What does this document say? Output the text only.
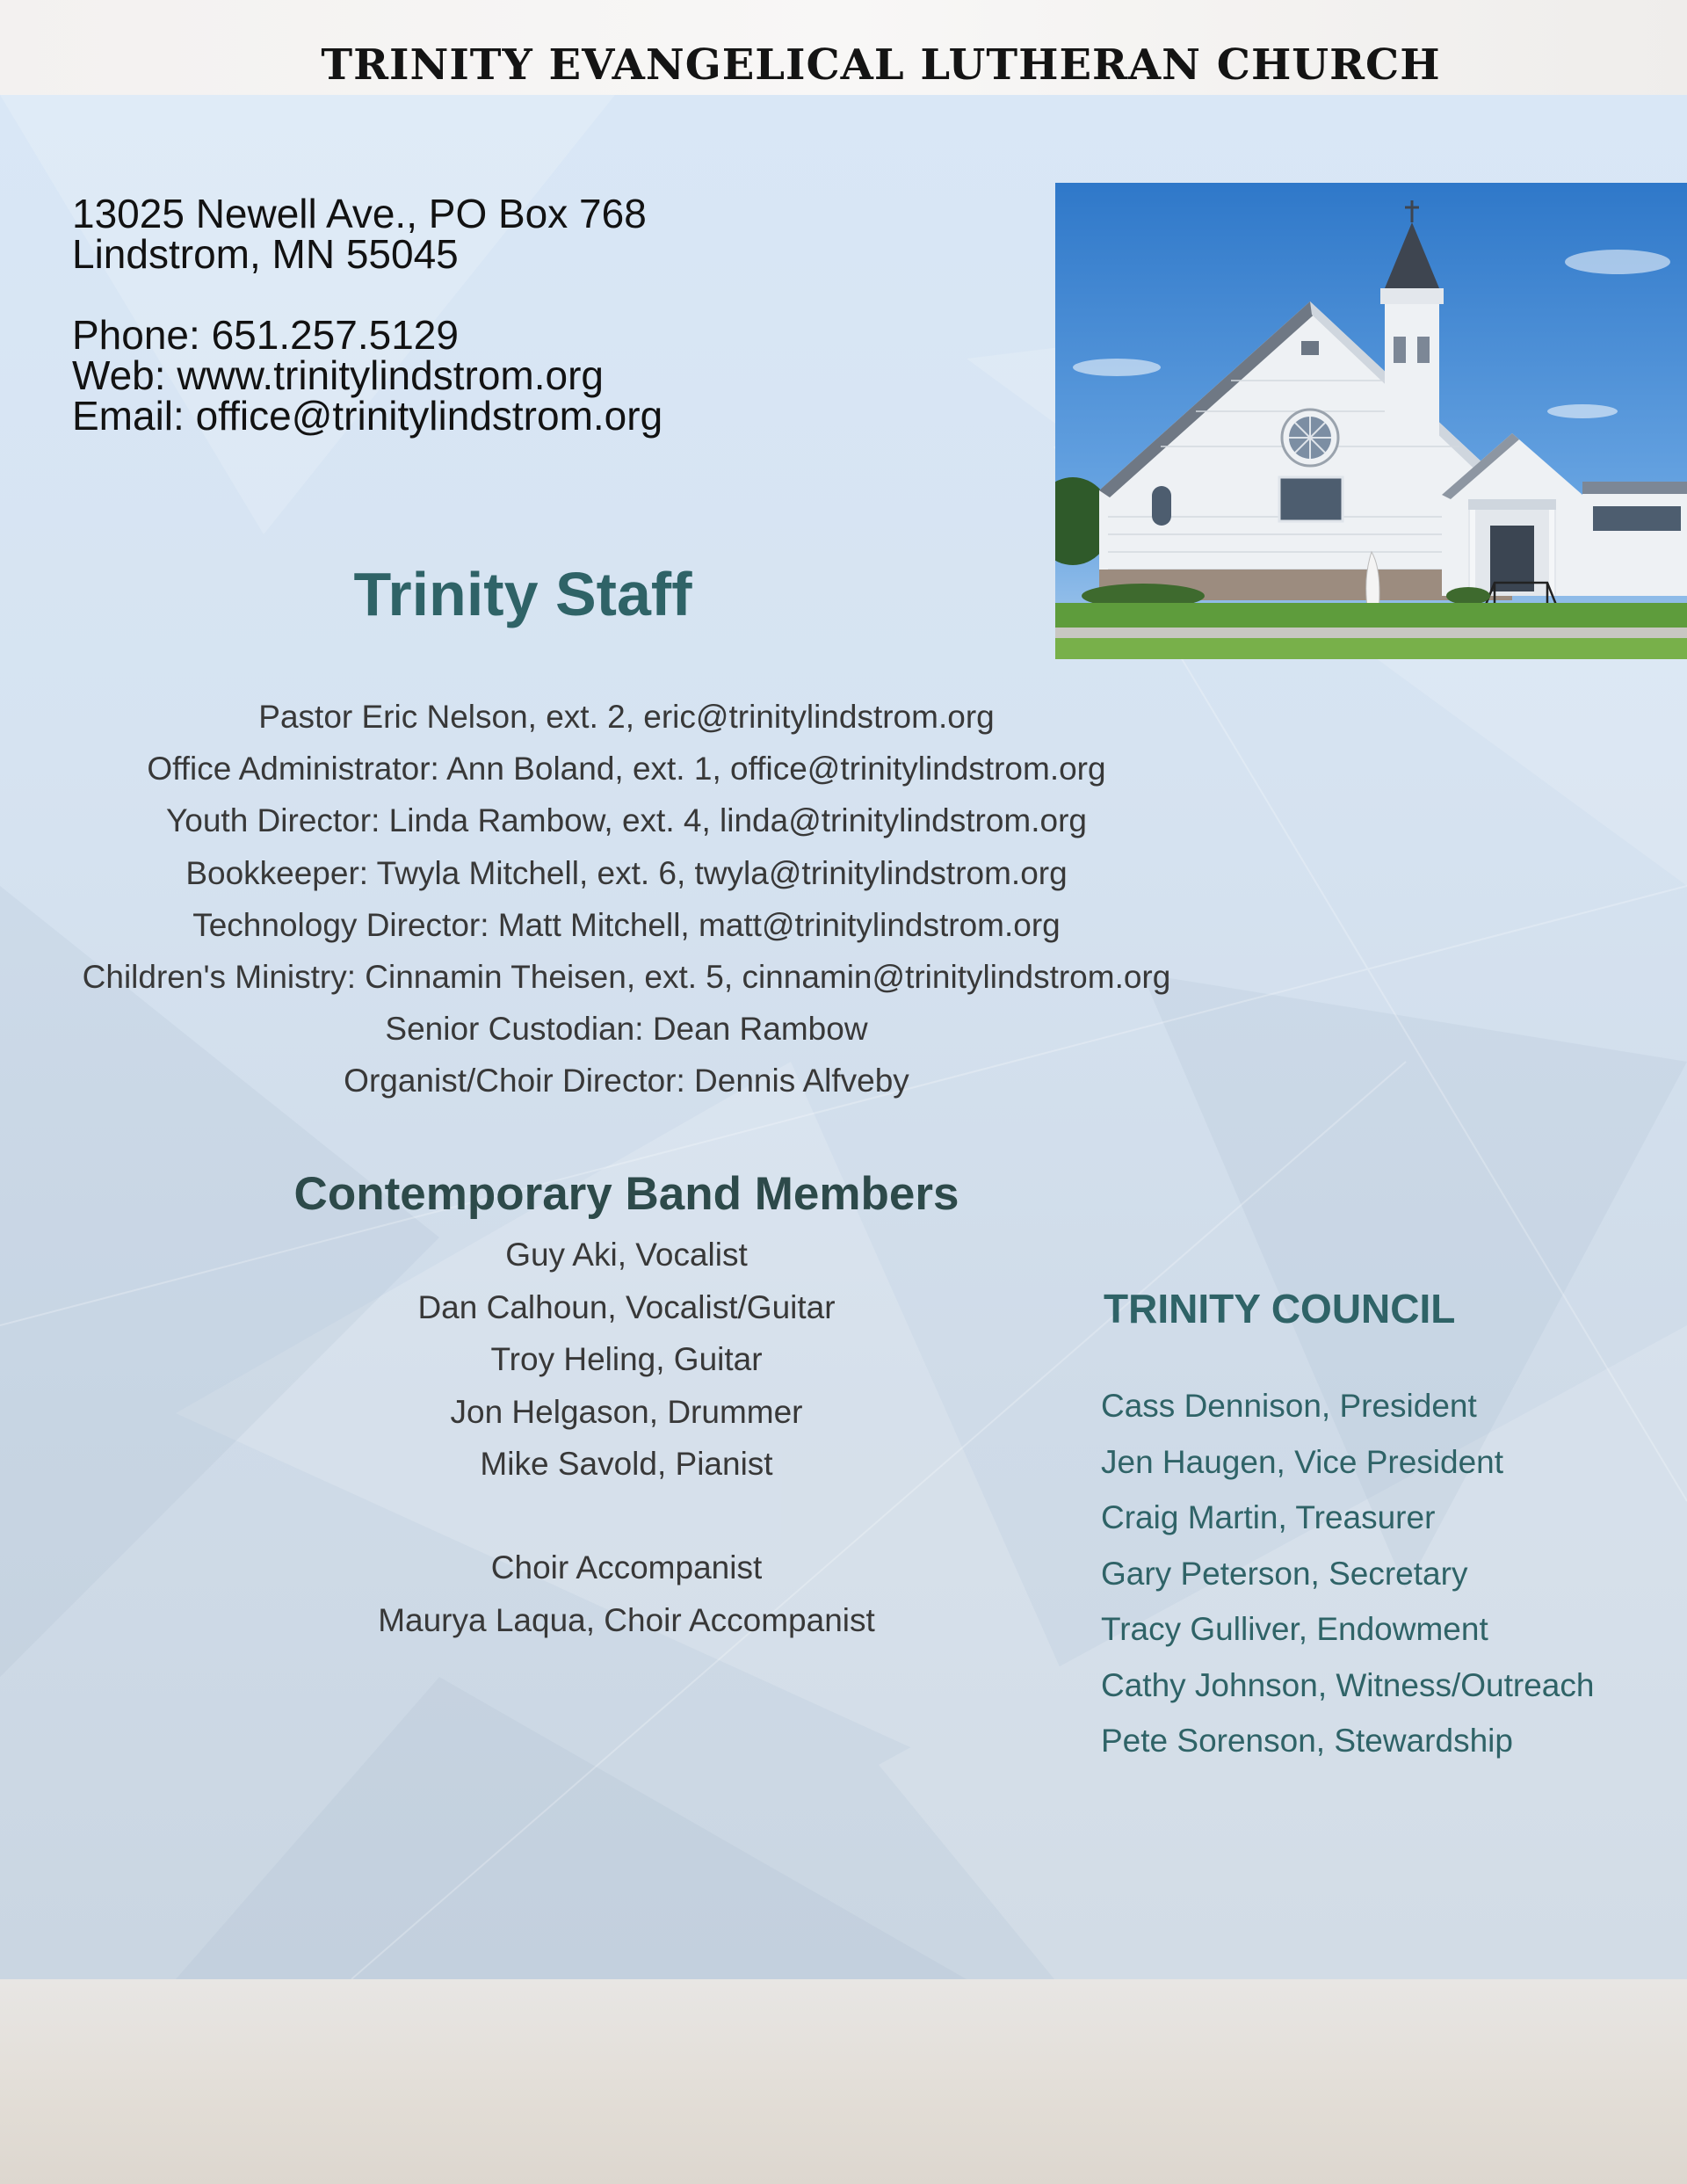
TRINITY EVANGELICAL LUTHERAN CHURCH
13025 Newell Ave., PO Box 768
Lindstrom, MN 55045
Phone: 651.257.5129
Web: www.trinitylindstrom.org
Email: office@trinitylindstrom.org
Trinity Staff
Pastor Eric Nelson, ext. 2, eric@trinitylindstrom.org
Office Administrator: Ann Boland, ext. 1, office@trinitylindstrom.org
Youth Director: Linda Rambow, ext. 4, linda@trinitylindstrom.org
Bookkeeper: Twyla Mitchell, ext. 6, twyla@trinitylindstrom.org
Technology Director: Matt Mitchell, matt@trinitylindstrom.org
Children's Ministry: Cinnamin Theisen, ext. 5, cinnamin@trinitylindstrom.org
Senior Custodian: Dean Rambow
Organist/Choir Director: Dennis Alfveby
Contemporary Band Members
Guy Aki, Vocalist
Dan Calhoun, Vocalist/Guitar
Troy Heling, Guitar
Jon Helgason, Drummer
Mike Savold, Pianist
Choir Accompanist
Maurya Laqua, Choir Accompanist
TRINITY COUNCIL
Cass Dennison, President
Jen Haugen, Vice President
Craig Martin, Treasurer
Gary Peterson, Secretary
Tracy Gulliver, Endowment
Cathy Johnson, Witness/Outreach
Pete Sorenson, Stewardship
